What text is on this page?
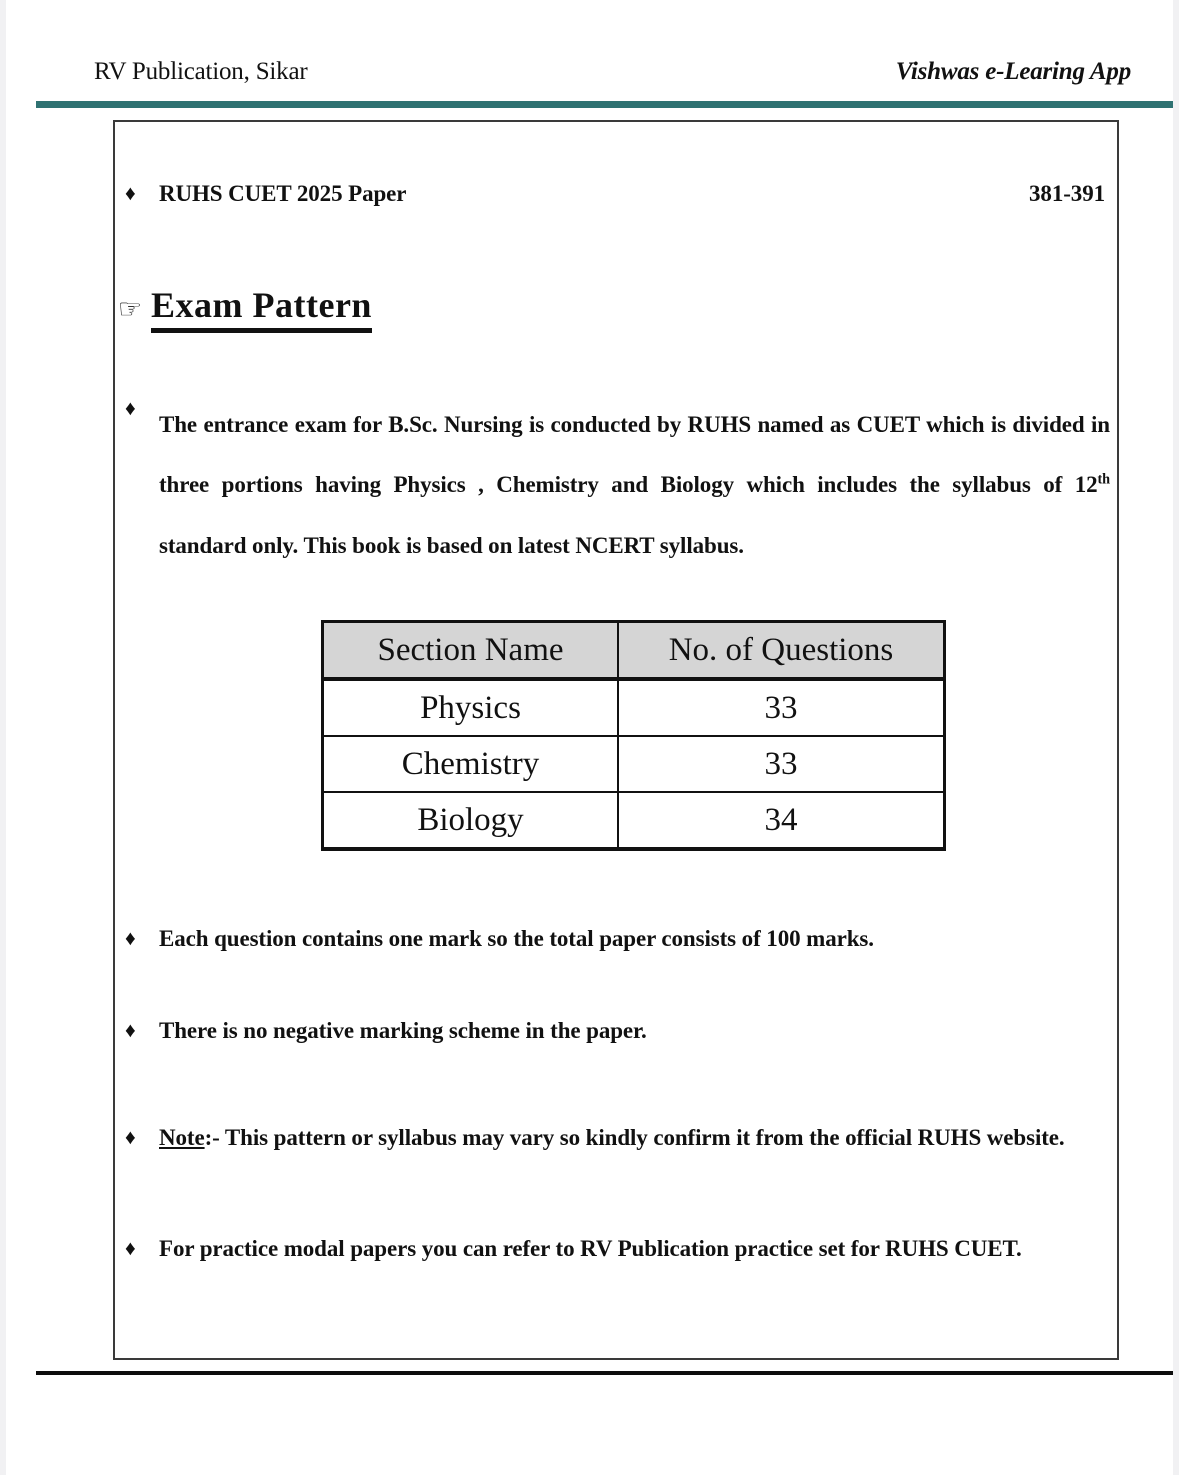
RV Publication, Sikar	Vishwas e-Learing App
♦	RUHS CUET 2025 Paper	381-391
☞ Exam Pattern
♦
The entrance exam for B.Sc. Nursing is conducted by RUHS named as CUET which is divided in three portions having Physics , Chemistry and Biology which includes the syllabus of 12th standard only. This book is based on latest NCERT syllabus.
Section Name	No. of Questions
Physics	33
Chemistry	33
Biology	34
♦	Each question contains one mark so the total paper consists of 100 marks.
♦	There is no negative marking scheme in the paper.
♦	Note:- This pattern or syllabus may vary so kindly confirm it from the official RUHS website.
♦	For practice modal papers you can refer to RV Publication practice set for RUHS CUET.
